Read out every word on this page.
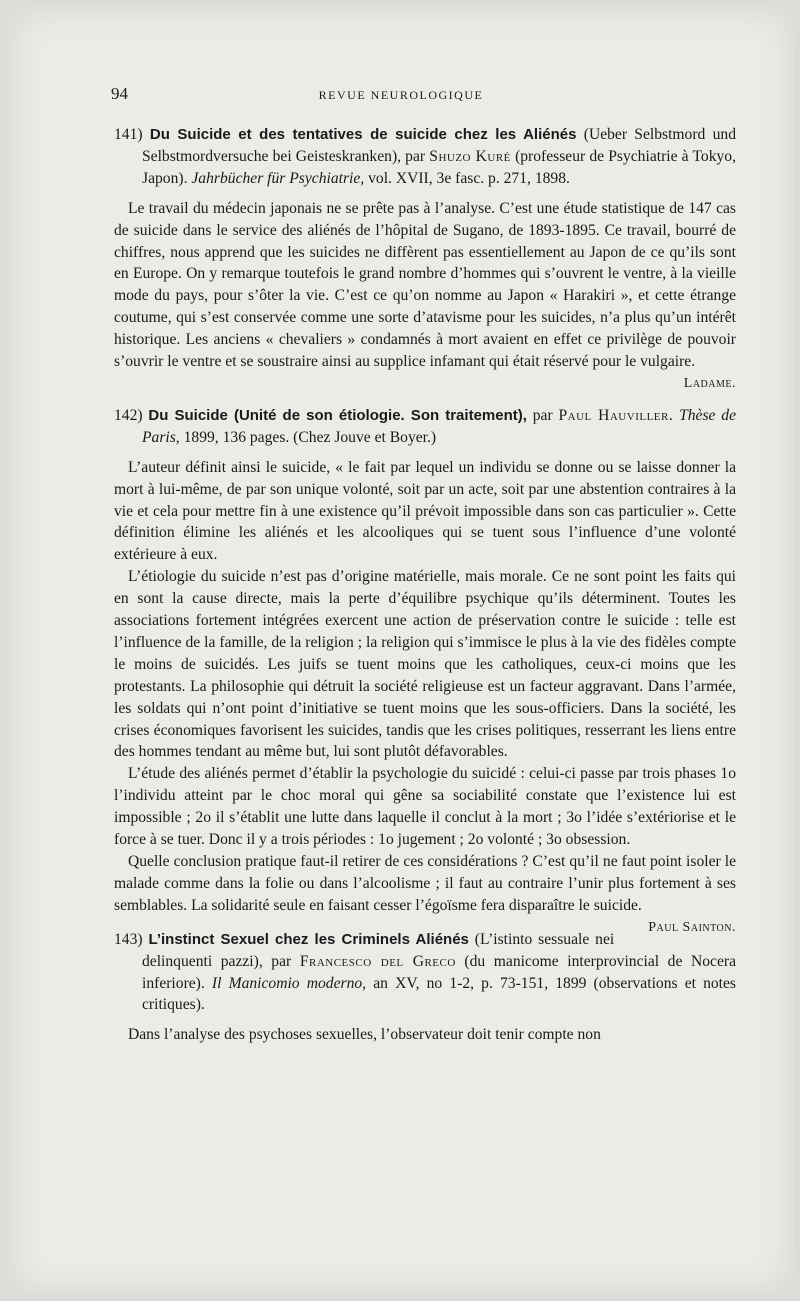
94	REVUE NEUROLOGIQUE

141) Du Suicide et des tentatives de suicide chez les Aliénés (Ueber Selbstmord und Selbstmordversuche bei Geisteskranken), par Shuzo Kuré (professeur de Psychiatrie à Tokyo, Japon). Jahrbücher für Psychiatrie, vol. XVII, 3e fasc. p. 271, 1898.

Le travail du médecin japonais ne se prête pas à l’analyse. C’est une étude statistique de 147 cas de suicide dans le service des aliénés de l’hôpital de Sugano, de 1893-1895. Ce travail, bourré de chiffres, nous apprend que les suicides ne diffèrent pas essentiellement au Japon de ce qu’ils sont en Europe. On y remarque toutefois le grand nombre d’hommes qui s’ouvrent le ventre, à la vieille mode du pays, pour s’ôter la vie. C’est ce qu’on nomme au Japon « Harakiri », et cette étrange coutume, qui s’est conservée comme une sorte d’atavisme pour les suicides, n’a plus qu’un intérêt historique. Les anciens « chevaliers » condamnés à mort avaient en effet ce privilège de pouvoir s’ouvrir le ventre et se soustraire ainsi au supplice infamant qui était réservé pour le vulgaire.

Ladame.

142) Du Suicide (Unité de son étiologie. Son traitement), par Paul Hauviller. Thèse de Paris, 1899, 136 pages. (Chez Jouve et Boyer.)

L’auteur définit ainsi le suicide, « le fait par lequel un individu se donne ou se laisse donner la mort à lui-même, de par son unique volonté, soit par un acte, soit par une abstention contraires à la vie et cela pour mettre fin à une existence qu’il prévoit impossible dans son cas particulier ». Cette définition élimine les aliénés et les alcooliques qui se tuent sous l’influence d’une volonté extérieure à eux.

L’étiologie du suicide n’est pas d’origine matérielle, mais morale. Ce ne sont point les faits qui en sont la cause directe, mais la perte d’équilibre psychique qu’ils déterminent. Toutes les associations fortement intégrées exercent une action de préservation contre le suicide : telle est l’influence de la famille, de la religion ; la religion qui s’immisce le plus à la vie des fidèles compte le moins de suicidés. Les juifs se tuent moins que les catholiques, ceux-ci moins que les protestants. La philosophie qui détruit la société religieuse est un facteur aggravant. Dans l’armée, les soldats qui n’ont point d’initiative se tuent moins que les sous-officiers. Dans la société, les crises économiques favorisent les suicides, tandis que les crises politiques, resserrant les liens entre des hommes tendant au même but, lui sont plutôt défavorables.

L’étude des aliénés permet d’établir la psychologie du suicidé : celui-ci passe par trois phases 1o l’individu atteint par le choc moral qui gêne sa sociabilité constate que l’existence lui est impossible ; 2o il s’établit une lutte dans laquelle il conclut à la mort ; 3o l’idée s’extériorise et le force à se tuer. Donc il y a trois périodes : 1o jugement ; 2o volonté ; 3o obsession.

Quelle conclusion pratique faut-il retirer de ces considérations ? C’est qu’il ne faut point isoler le malade comme dans la folie ou dans l’alcoolisme ; il faut au contraire l’unir plus fortement à ses semblables. La solidarité seule en faisant cesser l’égoïsme fera disparaître le suicide.
Paul Sainton.

143) L’instinct Sexuel chez les Criminels Aliénés (L’istinto sessuale nei delinquenti pazzi), par Francesco del Greco (du manicome interprovincial de Nocera inferiore). Il Manicomio moderno, an XV, no 1-2, p. 73-151, 1899 (observations et notes critiques).

Dans l’analyse des psychoses sexuelles, l’observateur doit tenir compte non
